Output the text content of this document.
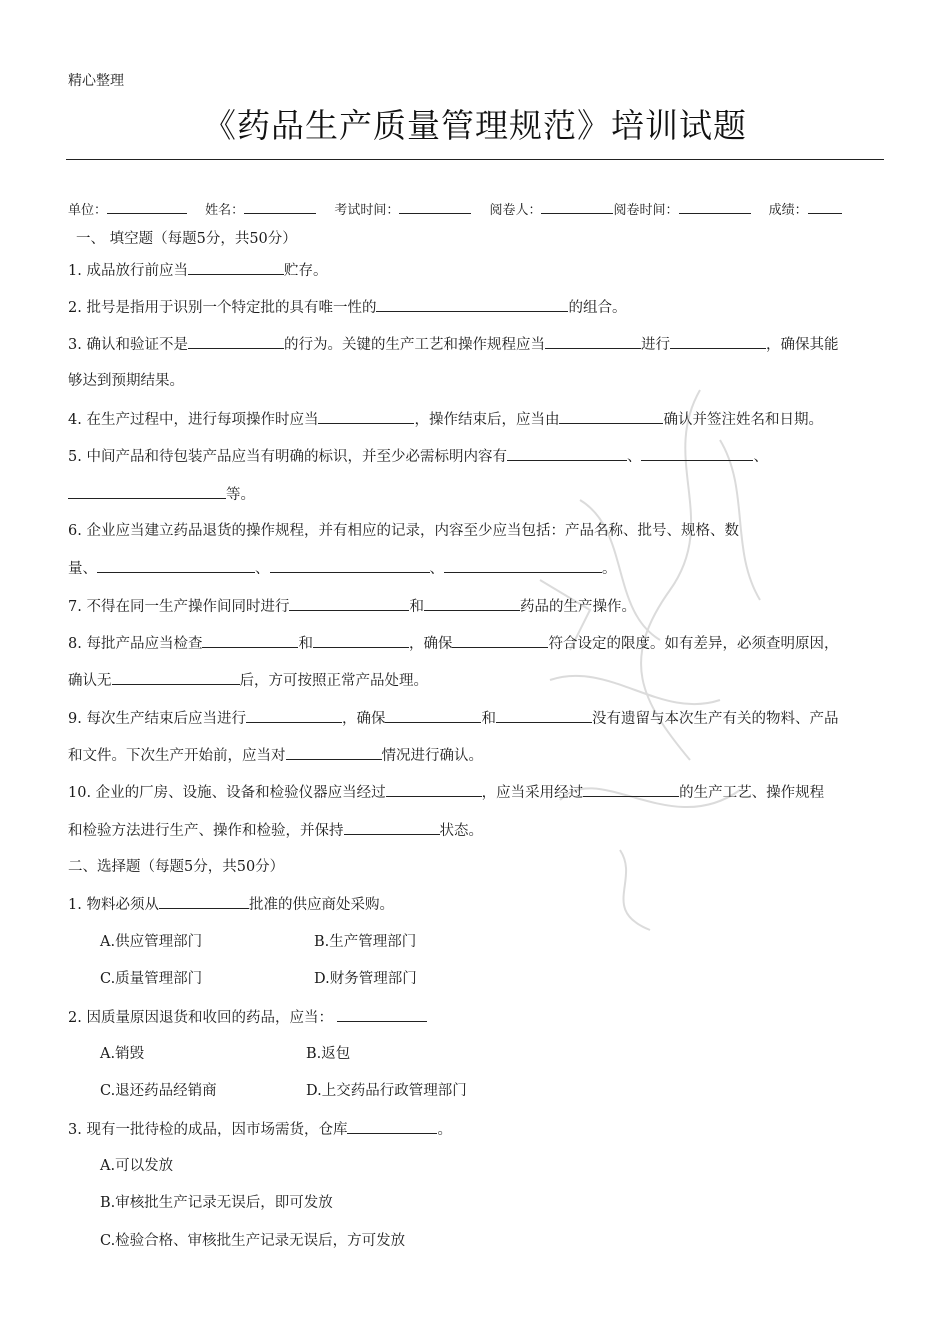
精心整理
《药品生产质量管理规范》培训试题
单位：	姓名：	考试时间：	阅卷人：	阅卷时间：	成绩：
一、 填空题（每题5分，共50分）
1. 成品放行前应当	贮存。
2. 批号是指用于识别一个特定批的具有唯一性的	的组合。
3. 确认和验证不是	的行为。关键的生产工艺和操作规程应当	进行	，确保其能
够达到预期结果。
4. 在生产过程中，进行每项操作时应当	，操作结束后，应当由	确认并签注姓名和日期。
5. 中间产品和待包装产品应当有明确的标识，并至少必需标明内容有	、	、
等。
6. 企业应当建立药品退货的操作规程，并有相应的记录，内容至少应当包括：产品名称、批号、规格、数
量、	、	、	。
7. 不得在同一生产操作间同时进行	和	药品的生产操作。
8. 每批产品应当检查	和	，确保	符合设定的限度。如有差异，必须查明原因，
确认无	后，方可按照正常产品处理。
9. 每次生产结束后应当进行	，确保	和	没有遗留与本次生产有关的物料、产品
和文件。下次生产开始前，应当对	情况进行确认。
10. 企业的厂房、设施、设备和检验仪器应当经过	，应当采用经过	的生产工艺、操作规程
和检验方法进行生产、操作和检验，并保持	状态。
二、选择题（每题5分，共50分）
1. 物料必须从	批准的供应商处采购。
A.供应管理部门	B.生产管理部门
C.质量管理部门	D.财务管理部门
2. 因质量原因退货和收回的药品，应当：
A.销毁	B.返包
C.退还药品经销商	D.上交药品行政管理部门
3. 现有一批待检的成品，因市场需货，仓库	。
A.可以发放
B.审核批生产记录无误后，即可发放
C.检验合格、审核批生产记录无误后，方可发放
